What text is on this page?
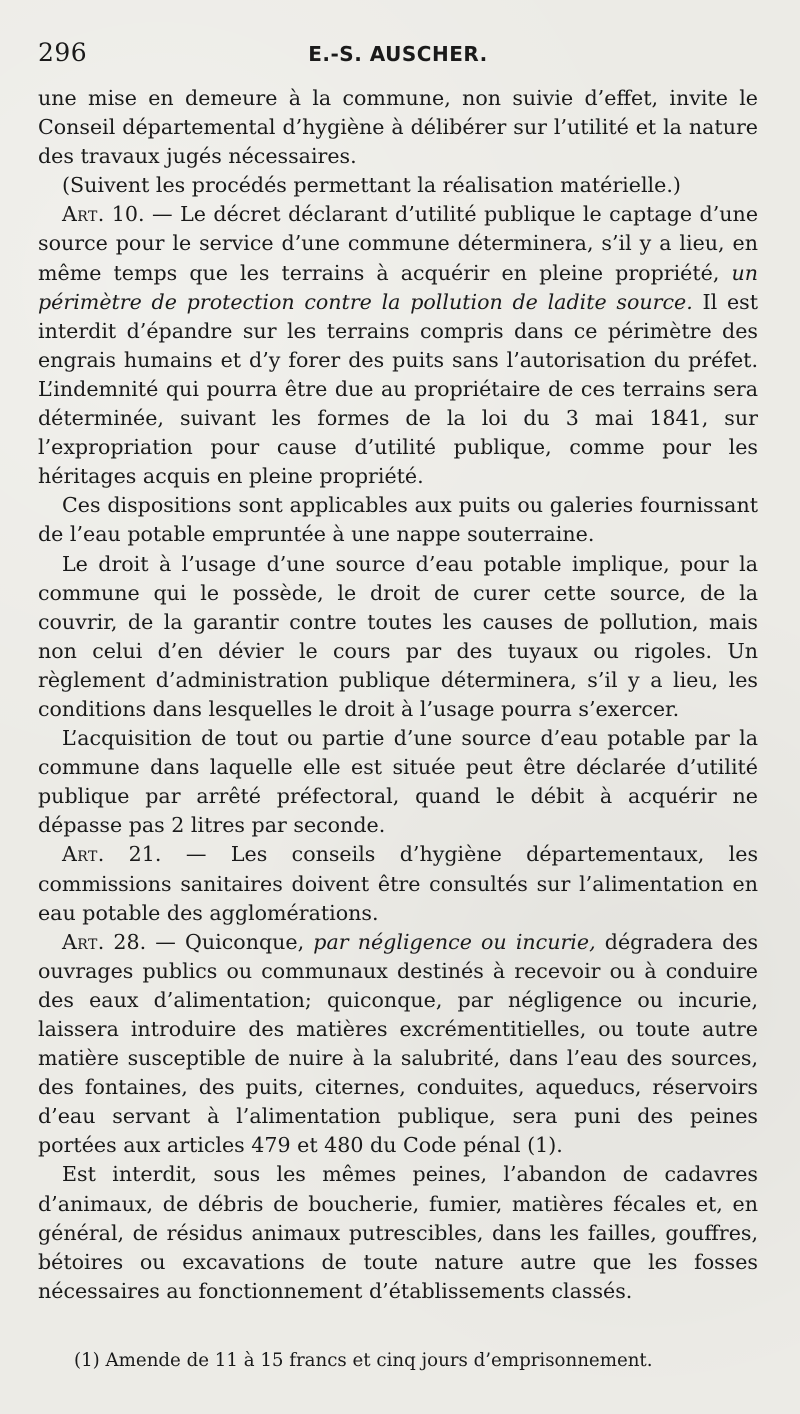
296	E.-S. AUSCHER.

une mise en demeure à la commune, non suivie d’effet, invite le Conseil départemental d’hygiène à délibérer sur l’utilité et la nature des travaux jugés nécessaires.

(Suivent les procédés permettant la réalisation matérielle.)

Art. 10. — Le décret déclarant d’utilité publique le captage d’une source pour le service d’une commune déterminera, s’il y a lieu, en même temps que les terrains à acquérir en pleine propriété, un périmètre de protection contre la pollution de ladite source. Il est interdit d’épandre sur les terrains compris dans ce périmètre des engrais humains et d’y forer des puits sans l’autorisation du préfet. L’indemnité qui pourra être due au propriétaire de ces terrains sera déterminée, suivant les formes de la loi du 3 mai 1841, sur l’expropriation pour cause d’utilité publique, comme pour les héritages acquis en pleine propriété.

Ces dispositions sont applicables aux puits ou galeries fournissant de l’eau potable empruntée à une nappe souterraine.

Le droit à l’usage d’une source d’eau potable implique, pour la commune qui le possède, le droit de curer cette source, de la couvrir, de la garantir contre toutes les causes de pollution, mais non celui d’en dévier le cours par des tuyaux ou rigoles. Un règlement d’administration publique déterminera, s’il y a lieu, les conditions dans lesquelles le droit à l’usage pourra s’exercer.

L’acquisition de tout ou partie d’une source d’eau potable par la commune dans laquelle elle est située peut être déclarée d’utilité publique par arrêté préfectoral, quand le débit à acquérir ne dépasse pas 2 litres par seconde.

Art. 21. — Les conseils d’hygiène départementaux, les commissions sanitaires doivent être consultés sur l’alimentation en eau potable des agglomérations.

Art. 28. — Quiconque, par négligence ou incurie, dégradera des ouvrages publics ou communaux destinés à recevoir ou à conduire des eaux d’alimentation; quiconque, par négligence ou incurie, laissera introduire des matières excrémentitielles, ou toute autre matière susceptible de nuire à la salubrité, dans l’eau des sources, des fontaines, des puits, citernes, conduites, aqueducs, réservoirs d’eau servant à l’alimentation publique, sera puni des peines portées aux articles 479 et 480 du Code pénal (1).

Est interdit, sous les mêmes peines, l’abandon de cadavres d’animaux, de débris de boucherie, fumier, matières fécales et, en général, de résidus animaux putrescibles, dans les failles, gouffres, bétoires ou excavations de toute nature autre que les fosses nécessaires au fonctionnement d’établissements classés.

(1) Amende de 11 à 15 francs et cinq jours d’emprisonnement.
